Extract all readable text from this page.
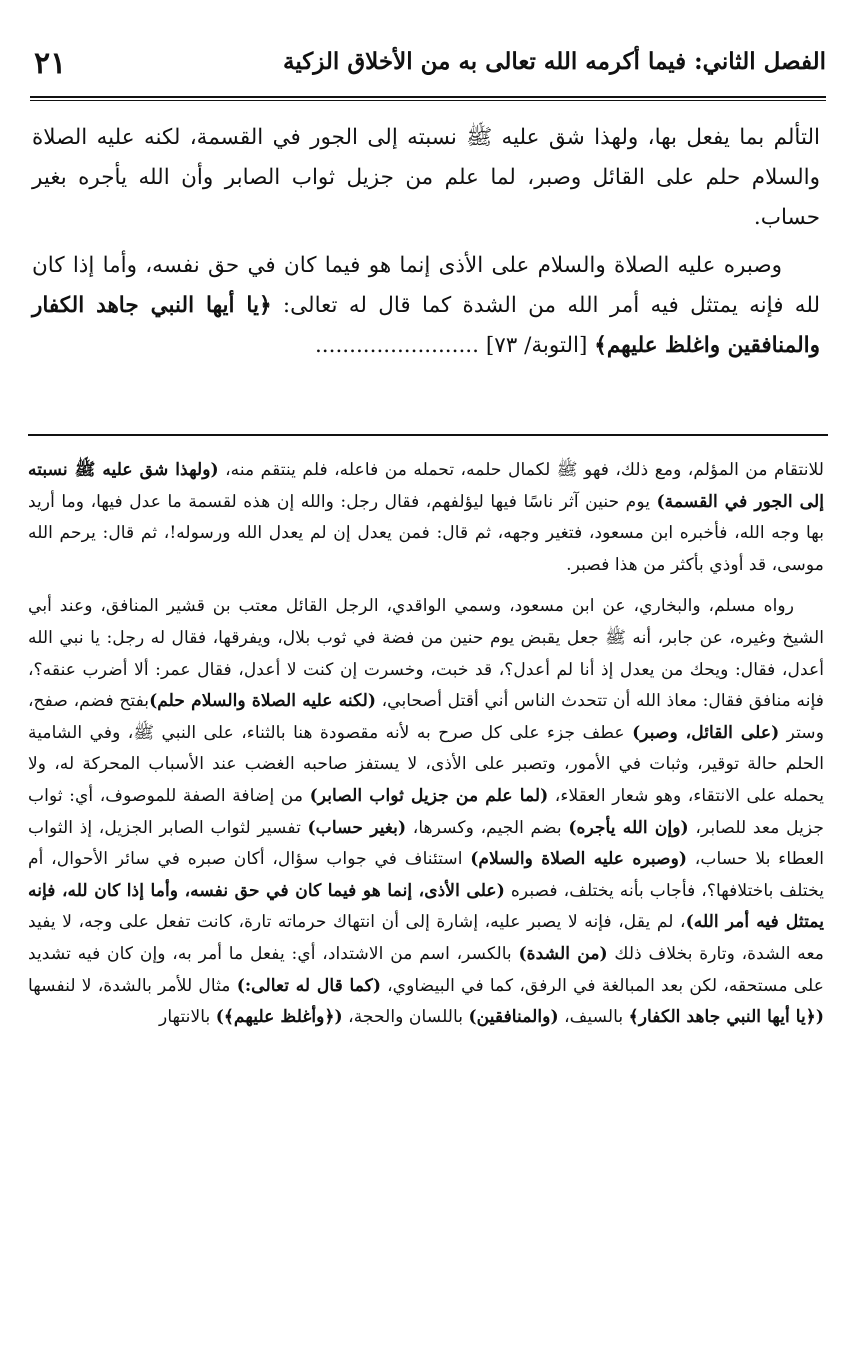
٢١	الفصل الثاني: فيما أكرمه الله تعالى به من الأخلاق الزكية

التألم بما يفعل بها، ولهذا شق عليه ﷺ نسبته إلى الجور في القسمة، لكنه عليه الصلاة والسلام حلم على القائل وصبر، لما علم من جزيل ثواب الصابر وأن الله يأجره بغير حساب.

وصبره عليه الصلاة والسلام على الأذى إنما هو فيما كان في حق نفسه، وأما إذا كان لله فإنه يمتثل فيه أمر الله من الشدة كما قال له تعالى: ﴿يا أيها النبي جاهد الكفار والمنافقين واغلظ عليهم﴾ [التوبة/ ٧٣] ........................

للانتقام من المؤلم، ومع ذلك، فهو ﷺ لكمال حلمه، تحمله من فاعله، فلم ينتقم منه، (ولهذا شق عليه ﷺ نسبته إلى الجور في القسمة) يوم حنين آثر ناسًا فيها ليؤلفهم، فقال رجل: والله إن هذه لقسمة ما عدل فيها، وما أريد بها وجه الله، فأخبره ابن مسعود، فتغير وجهه، ثم قال: فمن يعدل إن لم يعدل الله ورسوله!، ثم قال: يرحم الله موسى، قد أوذي بأكثر من هذا فصبر.

رواه مسلم، والبخاري، عن ابن مسعود، وسمي الواقدي، الرجل القائل معتب بن قشير المنافق، وعند أبي الشيخ وغيره، عن جابر، أنه ﷺ جعل يقبض يوم حنين من فضة في ثوب بلال، ويفرقها، فقال له رجل: يا نبي الله أعدل، فقال: ويحك من يعدل إذ أنا لم أعدل؟، قد خبت، وخسرت إن كنت لا أعدل، فقال عمر: ألا أضرب عنقه؟، فإنه منافق فقال: معاذ الله أن تتحدث الناس أني أقتل أصحابي، (لكنه عليه الصلاة والسلام حلم)بفتح فضم، صفح، وستر (على القائل، وصبر) عطف جزء على كل صرح به لأنه مقصودة هنا بالثناء، على النبي ﷺ، وفي الشامية الحلم حالة توقير، وثبات في الأمور، وتصبر على الأذى، لا يستفز صاحبه الغضب عند الأسباب المحركة له، ولا يحمله على الانتقاء، وهو شعار العقلاء، (لما علم من جزيل ثواب الصابر) من إضافة الصفة للموصوف، أي: ثواب جزيل معد للصابر، (وإن الله يأجره) بضم الجيم، وكسرها، (بغير حساب) تفسير لثواب الصابر الجزيل، إذ الثواب العطاء بلا حساب، (وصبره عليه الصلاة والسلام) استئناف في جواب سؤال، أكان صبره في سائر الأحوال، أم يختلف باختلافها؟، فأجاب بأنه يختلف، فصبره (على الأذى، إنما هو فيما كان في حق نفسه، وأما إذا كان لله، فإنه يمتثل فيه أمر الله)، لم يقل، فإنه لا يصبر عليه، إشارة إلى أن انتهاك حرماته تارة، كانت تفعل على وجه، لا يفيد معه الشدة، وتارة بخلاف ذلك (من الشدة) بالكسر، اسم من الاشتداد، أي: يفعل ما أمر به، وإن كان فيه تشديد على مستحقه، لكن بعد المبالغة في الرفق، كما في البيضاوي، (كما قال له تعالى:) مثال للأمر بالشدة، لا لنفسها (﴿يا أيها النبي جاهد الكفار﴾ بالسيف، (والمنافقين) باللسان والحجة، (﴿وأغلظ عليهم﴾) بالانتهار
